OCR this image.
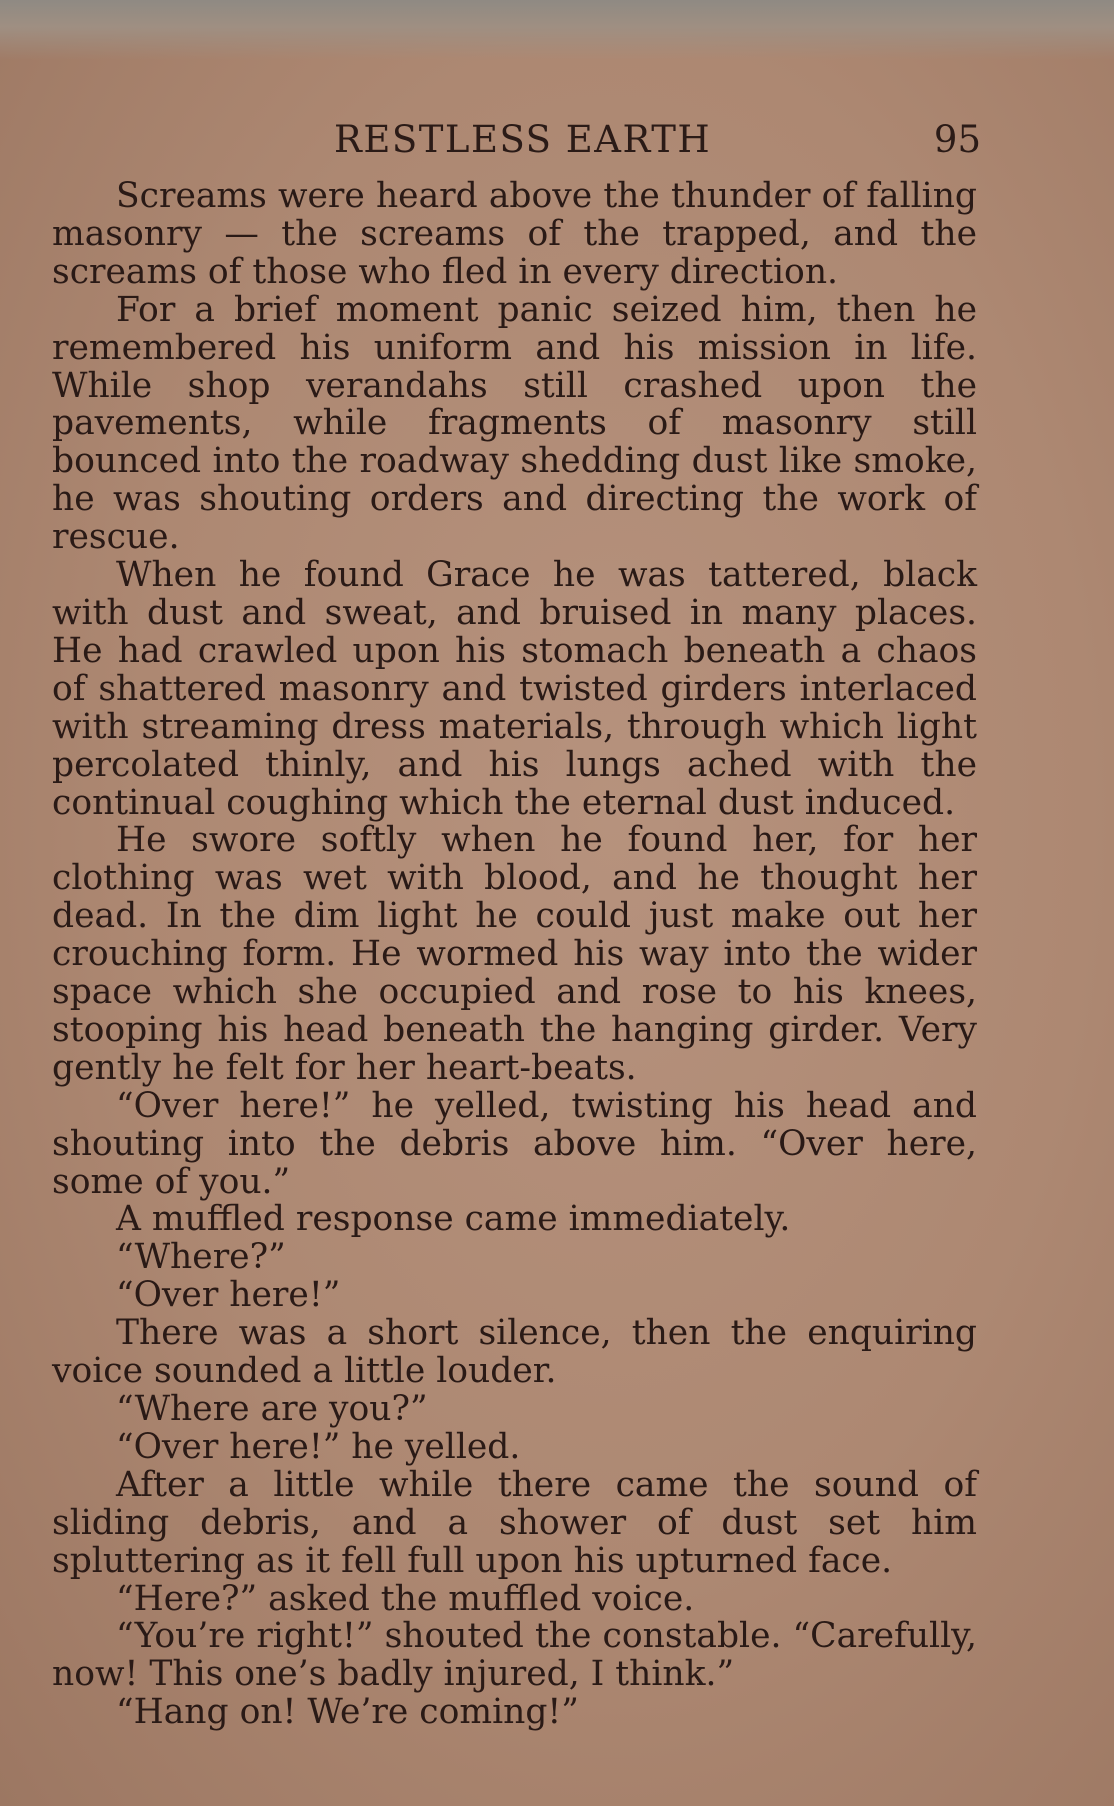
RESTLESS EARTH	95

Screams were heard above the thunder of falling masonry — the screams of the trapped, and the screams of those who fled in every direction.

For a brief moment panic seized him, then he remembered his uniform and his mission in life. While shop verandahs still crashed upon the pavements, while fragments of masonry still bounced into the roadway shedding dust like smoke, he was shouting orders and directing the work of rescue.

When he found Grace he was tattered, black with dust and sweat, and bruised in many places. He had crawled upon his stomach beneath a chaos of shattered masonry and twisted girders interlaced with streaming dress materials, through which light percolated thinly, and his lungs ached with the continual coughing which the eternal dust induced.

He swore softly when he found her, for her clothing was wet with blood, and he thought her dead. In the dim light he could just make out her crouching form. He wormed his way into the wider space which she occupied and rose to his knees, stooping his head beneath the hanging girder. Very gently he felt for her heart-beats.

“Over here!” he yelled, twisting his head and shouting into the debris above him. “Over here, some of you.”

A muffled response came immediately.

“Where?”

“Over here!”

There was a short silence, then the enquiring voice sounded a little louder.

“Where are you?”

“Over here!” he yelled.

After a little while there came the sound of sliding debris, and a shower of dust set him spluttering as it fell full upon his upturned face.

“Here?” asked the muffled voice.

“You’re right!” shouted the constable. “Carefully, now! This one’s badly injured, I think.”

“Hang on! We’re coming!”
